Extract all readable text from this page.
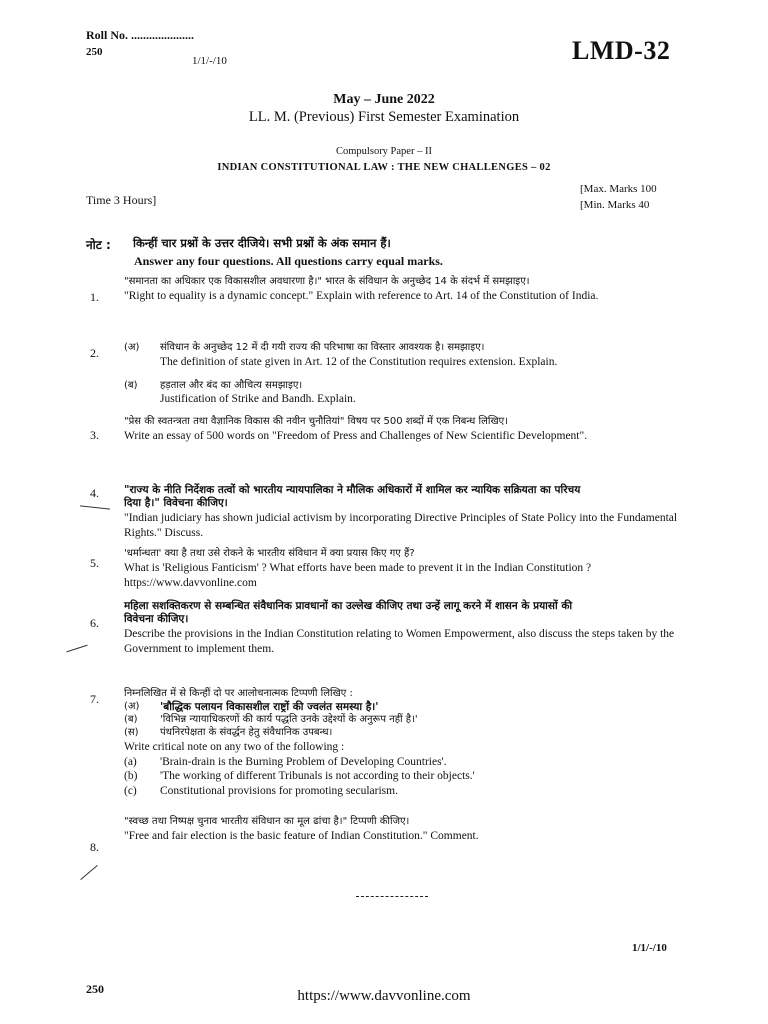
Roll No. .....................
250
1/1/-/10	LMD-32
May – June 2022
LL. M. (Previous) First Semester Examination
Compulsory Paper – II
INDIAN CONSTITUTIONAL LAW : THE NEW CHALLENGES – 02
Time 3 Hours]
[Max. Marks 100
[Min. Marks 40
नोट : किन्हीं चार प्रश्नों के उत्तर दीजिये। सभी प्रश्नों के अंक समान हैं।
Answer any four questions. All questions carry equal marks.
1.
"समानता का अधिकार एक विकासशील अवधारणा है।" भारत के संविधान के अनुच्छेद 14 के संदर्भ में समझाइए।
"Right to equality is a dynamic concept." Explain with reference to Art. 14 of the Constitution of India.
2.	(अ)	संविधान के अनुच्छेद 12 में दी गयी राज्य की परिभाषा का विस्तार आवश्यक है। समझाइए।
The definition of state given in Art. 12 of the Constitution requires extension. Explain.
(ब)	हड़ताल और बंद का औचित्य समझाइए।
Justification of Strike and Bandh. Explain.
3.
"प्रेस की स्वतन्त्रता तथा वैज्ञानिक विकास की नवीन चुनौतियां" विषय पर 500 शब्दों में एक निबन्ध लिखिए।
Write an essay of 500 words on "Freedom of Press and Challenges of New Scientific Development".
4. "राज्य के नीति निर्देशक तत्वों को भारतीय न्यायपालिका ने मौलिक अधिकारों में शामिल कर न्यायिक सक्रियता का परिचय
दिया है।" विवेचना कीजिए।
"Indian judiciary has shown judicial activism by incorporating Directive Principles of State Policy into the Fundamental Rights." Discuss.
5.
'धर्मान्धता' क्या है तथा उसे रोकने के भारतीय संविधान में क्या प्रयास किए गए हैं?
What is 'Religious Fanticism' ? What efforts have been made to prevent it in the Indian Constitution ?
https://www.davvonline.com
6.
महिला सशक्तिकरण से सम्बन्धित संवैधानिक प्रावधानों का उल्लेख कीजिए तथा उन्हें लागू करने में शासन के प्रयासों की
विवेचना कीजिए।
Describe the provisions in the Indian Constitution relating to Women Empowerment, also discuss the steps taken by the Government to implement them.
7.	निम्नलिखित में से किन्हीं दो पर आलोचनात्मक टिप्पणी लिखिए :
(अ)	'बौद्धिक पलायन विकासशील राष्ट्रों की ज्वलंत समस्या है।'
(ब)	'विभिन्न न्यायाधिकरणों की कार्य पद्धति उनके उद्देश्यों के अनुरूप नहीं है।'
(स)	पंथनिरपेक्षता के संवर्द्धन हेतु संवैधानिक उपबन्ध।
Write critical note on any two of the following :
(a)	'Brain-drain is the Burning Problem of Developing Countries'.
(b)	'The working of different Tribunals is not according to their objects.'
(c)	Constitutional provisions for promoting secularism.
8.
"स्वच्छ तथा निष्पक्ष चुनाव भारतीय संविधान का मूल ढांचा है।" टिप्पणी कीजिए।
"Free and fair election is the basic feature of Indian Constitution." Comment.
1/1/-/10
250	https://www.davvonline.com
